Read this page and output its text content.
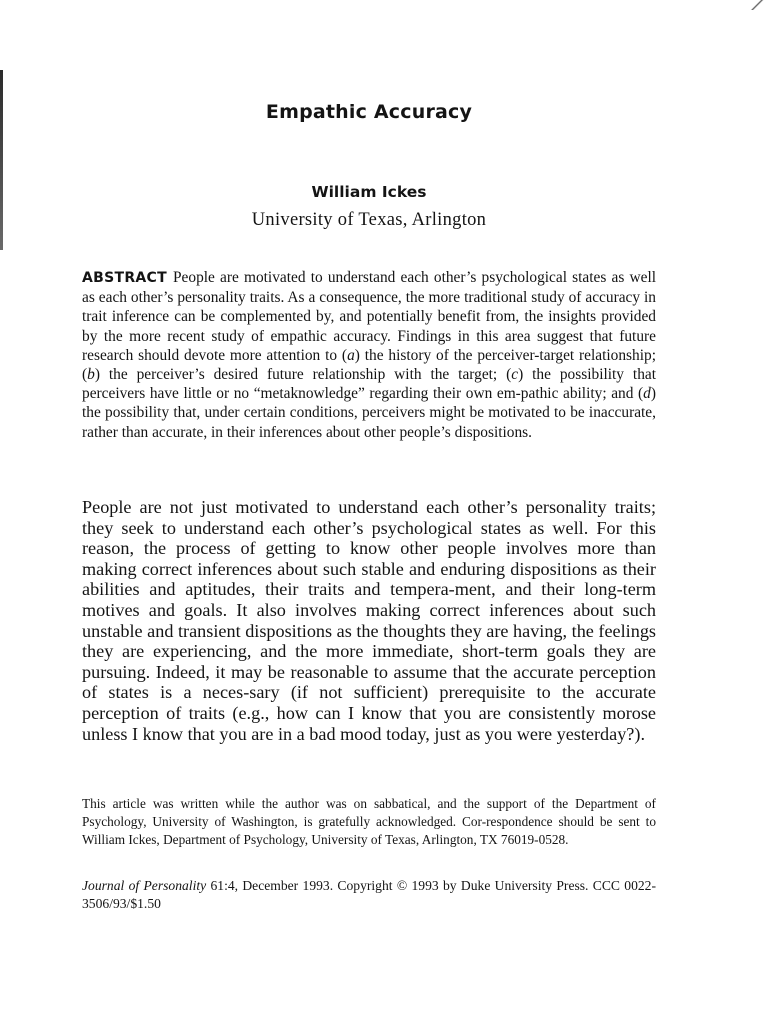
Empathic Accuracy
William Ickes
University of Texas, Arlington

ABSTRACT People are motivated to understand each other’s psychological states as well as each other’s personality traits. As a consequence, the more traditional study of accuracy in trait inference can be complemented by, and potentially benefit from, the insights provided by the more recent study of empathic accuracy. Findings in this area suggest that future research should devote more attention to (a) the history of the perceiver-target relationship; (b) the perceiver’s desired future relationship with the target; (c) the possibility that perceivers have little or no “metaknowledge” regarding their own em-pathic ability; and (d) the possibility that, under certain conditions, perceivers might be motivated to be inaccurate, rather than accurate, in their inferences about other people’s dispositions.

People are not just motivated to understand each other’s personality traits; they seek to understand each other’s psychological states as well. For this reason, the process of getting to know other people involves more than making correct inferences about such stable and enduring dispositions as their abilities and aptitudes, their traits and tempera-ment, and their long-term motives and goals. It also involves making correct inferences about such unstable and transient dispositions as the thoughts they are having, the feelings they are experiencing, and the more immediate, short-term goals they are pursuing. Indeed, it may be reasonable to assume that the accurate perception of states is a neces-sary (if not sufficient) prerequisite to the accurate perception of traits (e.g., how can I know that you are consistently morose unless I know that you are in a bad mood today, just as you were yesterday?).

This article was written while the author was on sabbatical, and the support of the Department of Psychology, University of Washington, is gratefully acknowledged. Cor-respondence should be sent to William Ickes, Department of Psychology, University of Texas, Arlington, TX 76019-0528.

Journal of Personality 61:4, December 1993. Copyright © 1993 by Duke University Press. CCC 0022-3506/93/$1.50
